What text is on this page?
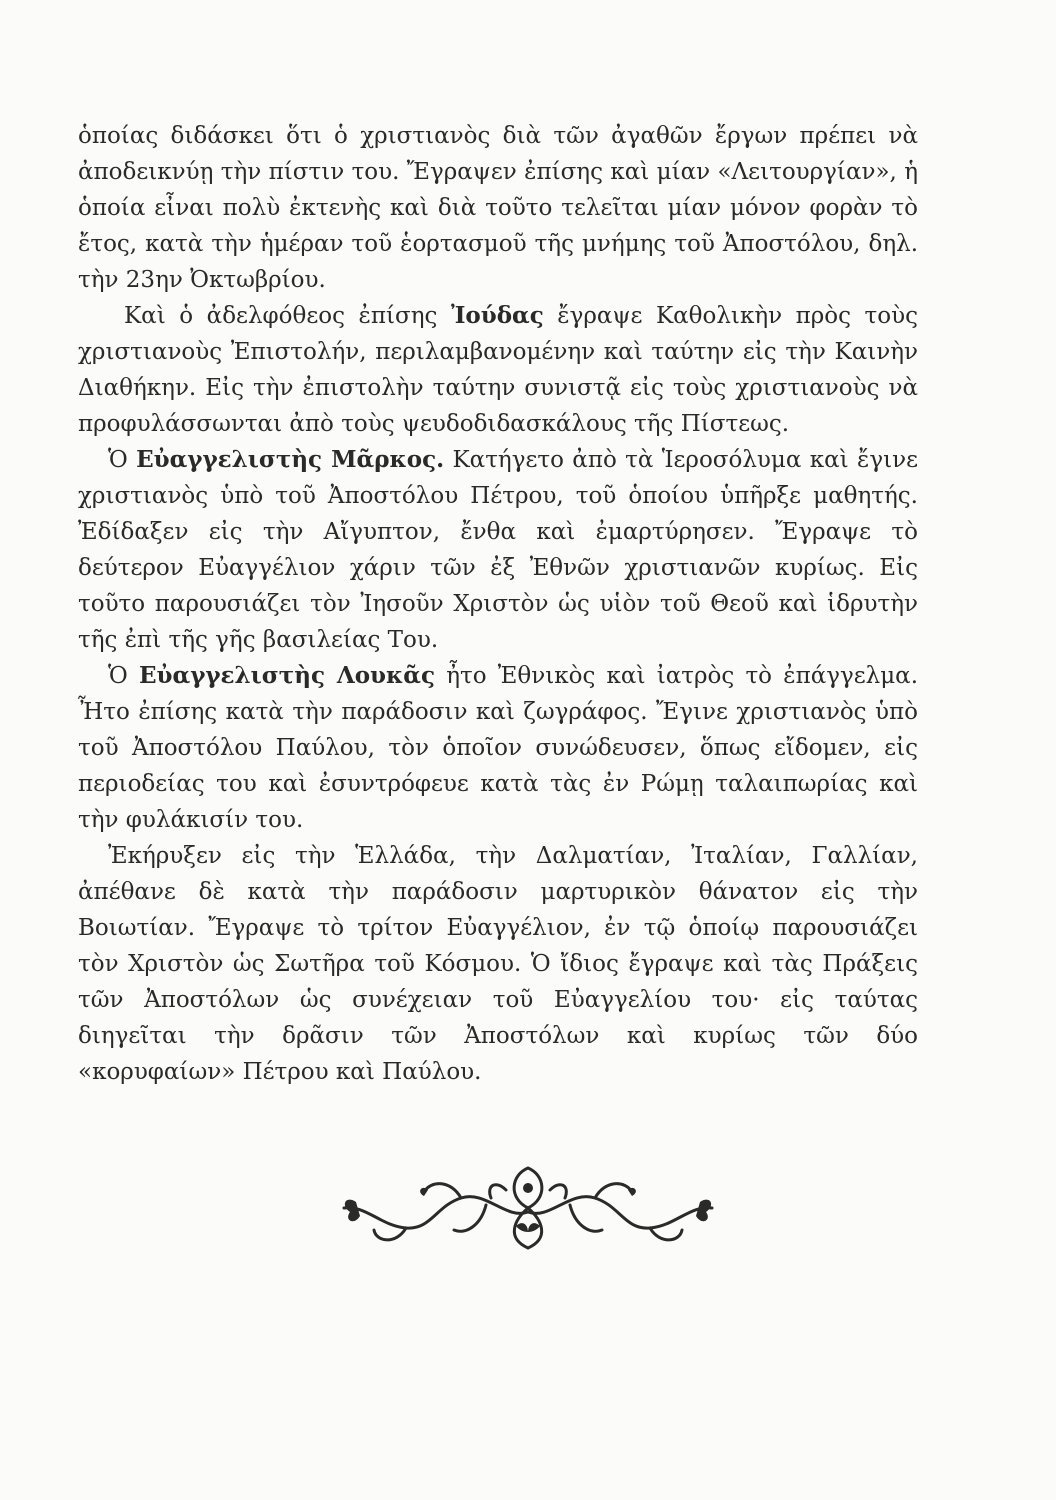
ὁποίας διδάσκει ὅτι ὁ χριστιανὸς διὰ τῶν ἀγαθῶν ἔργων πρέπει νὰ ἀποδεικνύῃ τὴν πίστιν του. Ἔγραψεν ἐπίσης καὶ μίαν «Λειτουργίαν», ἡ ὁποία εἶναι πολὺ ἐκτενὴς καὶ διὰ τοῦτο τελεῖται μίαν μόνον φορὰν τὸ ἔτος, κατὰ τὴν ἡμέραν τοῦ ἑορτασμοῦ τῆς μνήμης τοῦ Ἀποστόλου, δηλ. τὴν 23ην Ὀκτωβρίου.

Καὶ ὁ ἀδελφόθεος ἐπίσης Ἰούδας ἔγραψε Καθολικὴν πρὸς τοὺς χριστιανοὺς Ἐπιστολήν, περιλαμβανομένην καὶ ταύτην εἰς τὴν Καινὴν Διαθήκην. Εἰς τὴν ἐπιστολὴν ταύτην συνιστᾷ εἰς τοὺς χριστιανοὺς νὰ προφυλάσσωνται ἀπὸ τοὺς ψευδοδιδασκάλους τῆς Πίστεως.

Ὁ Εὐαγγελιστὴς Μᾶρκος. Κατήγετο ἀπὸ τὰ Ἱεροσόλυμα καὶ ἔγινε χριστιανὸς ὑπὸ τοῦ Ἀποστόλου Πέτρου, τοῦ ὁποίου ὑπῆρξε μαθητής. Ἐδίδαξεν εἰς τὴν Αἴγυπτον, ἔνθα καὶ ἐμαρτύρησεν. Ἔγραψε τὸ δεύτερον Εὐαγγέλιον χάριν τῶν ἐξ Ἐθνῶν χριστιανῶν κυρίως. Εἰς τοῦτο παρουσιάζει τὸν Ἰησοῦν Χριστὸν ὡς υἱὸν τοῦ Θεοῦ καὶ ἱδρυτὴν τῆς ἐπὶ τῆς γῆς βασιλείας Του.

Ὁ Εὐαγγελιστὴς Λουκᾶς ἦτο Ἐθνικὸς καὶ ἰατρὸς τὸ ἐπάγγελμα. Ἦτο ἐπίσης κατὰ τὴν παράδοσιν καὶ ζωγράφος. Ἔγινε χριστιανὸς ὑπὸ τοῦ Ἀποστόλου Παύλου, τὸν ὁποῖον συνώδευσεν, ὅπως εἴδομεν, εἰς περιοδείας του καὶ ἐσυντρόφευε κατὰ τὰς ἐν Ρώμῃ ταλαιπωρίας καὶ τὴν φυλάκισίν του.

Ἐκήρυξεν εἰς τὴν Ἑλλάδα, τὴν Δαλματίαν, Ἰταλίαν, Γαλλίαν, ἀπέθανε δὲ κατὰ τὴν παράδοσιν μαρτυρικὸν θάνατον εἰς τὴν Βοιωτίαν. Ἔγραψε τὸ τρίτον Εὐαγγέλιον, ἐν τῷ ὁποίῳ παρουσιάζει τὸν Χριστὸν ὡς Σωτῆρα τοῦ Κόσμου. Ὁ ἴδιος ἔγραψε καὶ τὰς Πράξεις τῶν Ἀποστόλων ὡς συνέχειαν τοῦ Εὐαγγελίου του· εἰς ταύτας διηγεῖται τὴν δρᾶσιν τῶν Ἀποστόλων καὶ κυρίως τῶν δύο «κορυφαίων» Πέτρου καὶ Παύλου.
